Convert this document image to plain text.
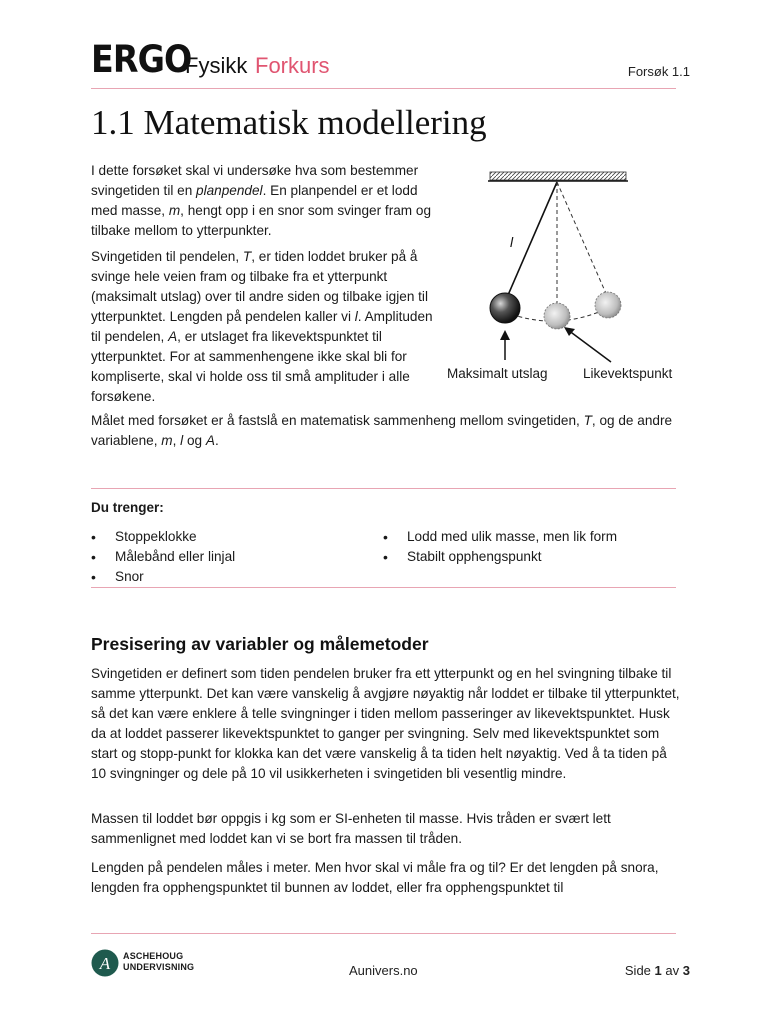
ERGO
Fysikk Forkurs	Forsøk 1.1
1.1 Matematisk modellering

I dette forsøket skal vi undersøke hva som bestemmer svingetiden til en planpendel. En planpendel er et lodd med masse, m, hengt opp i en snor som svinger fram og tilbake mellom to ytterpunkter.

Svingetiden til pendelen, T, er tiden loddet bruker på å svinge hele veien fram og tilbake fra et ytterpunkt (maksimalt utslag) over til andre siden og tilbake igjen til ytterpunktet. Lengden på pendelen kaller vi l. Amplituden til pendelen, A, er utslaget fra likevektspunktet til ytterpunktet. For at sammenhengene ikke skal bli for kompliserte, skal vi holde oss til små amplituder i alle forsøkene.

l
Maksimalt utslag	Likevektspunkt

Målet med forsøket er å fastslå en matematisk sammenheng mellom svingetiden, T, og de andre variablene, m, l og A.

Du trenger:
• Stoppeklokke
• Målebånd eller linjal
• Snor
• Lodd med ulik masse, men lik form
• Stabilt opphengspunkt
Presisering av variabler og målemetoder

Svingetiden er definert som tiden pendelen bruker fra ett ytterpunkt og en hel svingning tilbake til samme ytterpunkt. Det kan være vanskelig å avgjøre nøyaktig når loddet er tilbake til ytterpunktet, så det kan være enklere å telle svingninger i tiden mellom passeringer av likevektspunktet. Husk da at loddet passerer likevektspunktet to ganger per svingning. Selv med likevektspunktet som start og stopp-punkt for klokka kan det være vanskelig å ta tiden helt nøyaktig. Ved å ta tiden på 10 svingninger og dele på 10 vil usikkerheten i svingetiden bli vesentlig mindre.

Massen til loddet bør oppgis i kg som er SI-enheten til masse. Hvis tråden er svært lett sammenlignet med loddet kan vi se bort fra massen til tråden.

Lengden på pendelen måles i meter. Men hvor skal vi måle fra og til? Er det lengden på snora, lengden fra opphengspunktet til bunnen av loddet, eller fra opphengspunktet til

A ASCHEHOUG
UNDERVISNING	Aunivers.no	Side 1 av 3
